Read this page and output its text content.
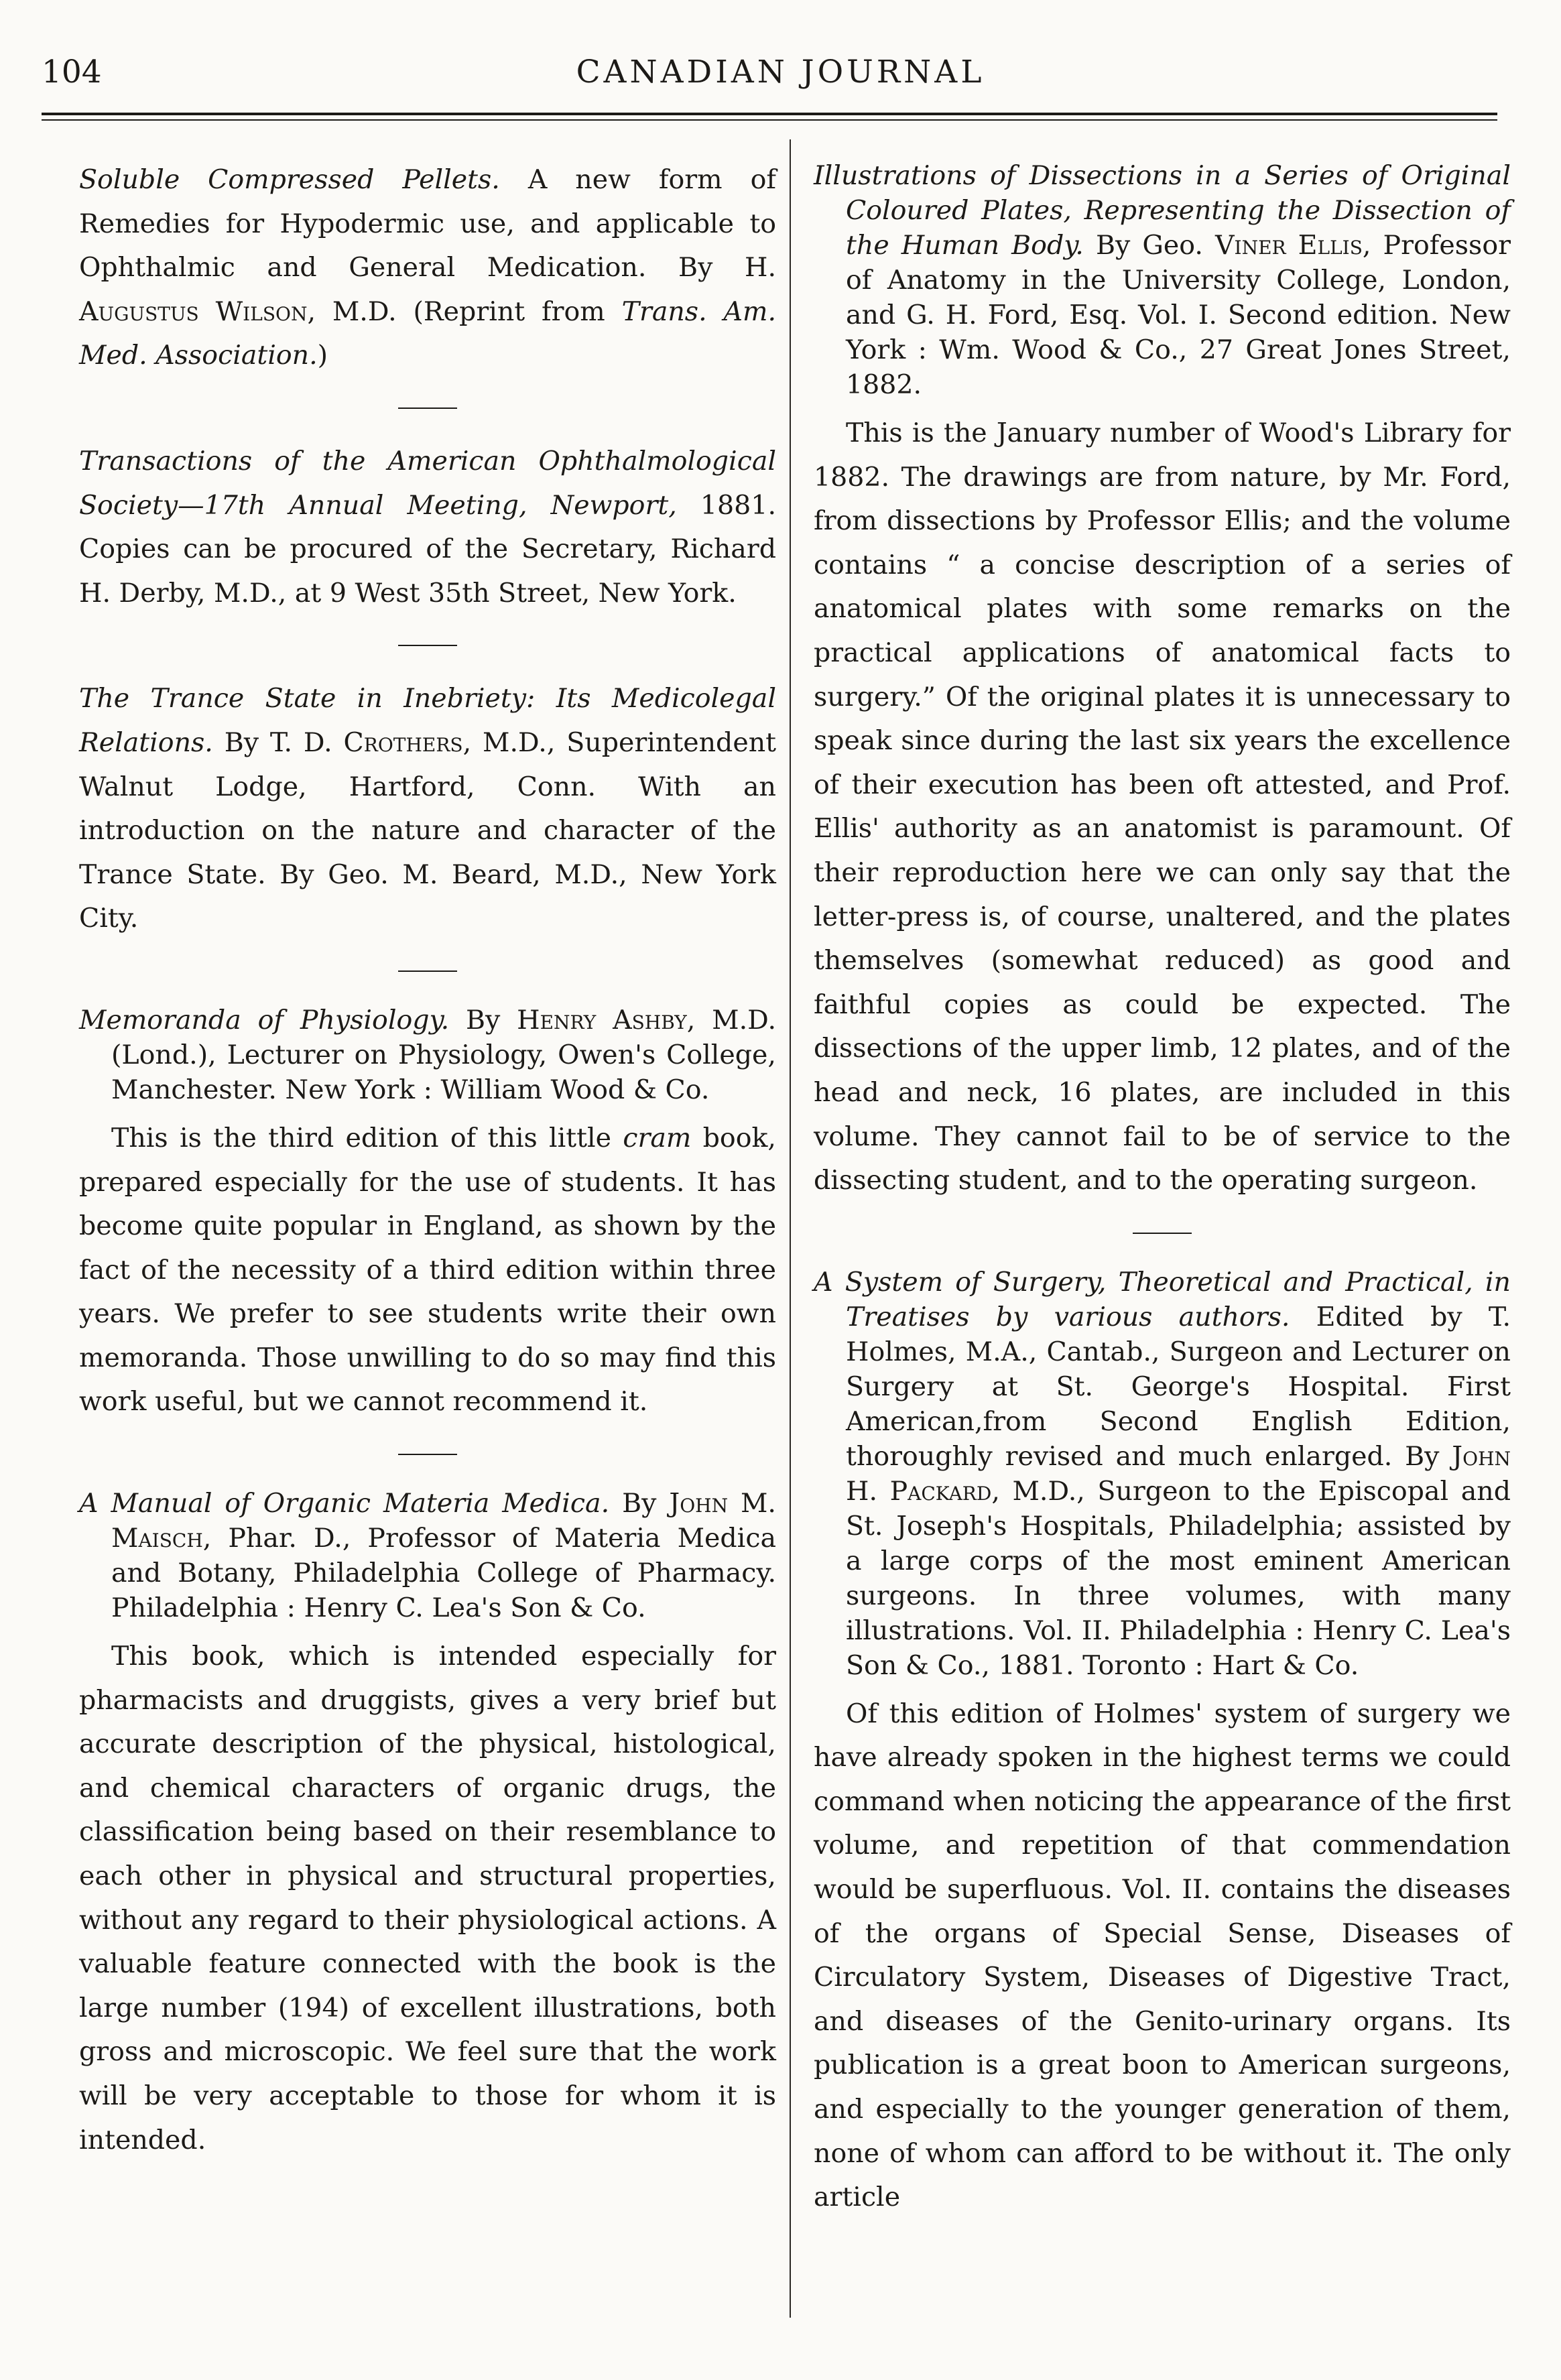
104	CANADIAN JOURNAL

Soluble Compressed Pellets. A new form of Remedies for Hypodermic use, and applicable to Ophthalmic and General Medication. By H. Augustus Wilson, M.D. (Reprint from Trans. Am. Med. Association.)

Transactions of the American Ophthalmological Society—17th Annual Meeting, Newport, 1881. Copies can be procured of the Secretary, Richard H. Derby, M.D., at 9 West 35th Street, New York.

The Trance State in Inebriety: Its Medicolegal Relations. By T. D. Crothers, M.D., Superintendent Walnut Lodge, Hartford, Conn. With an introduction on the nature and character of the Trance State. By Geo. M. Beard, M.D., New York City.

Memoranda of Physiology. By Henry Ashby, M.D. (Lond.), Lecturer on Physiology, Owen's College, Manchester. New York : William Wood & Co.

This is the third edition of this little cram book, prepared especially for the use of students. It has become quite popular in England, as shown by the fact of the necessity of a third edition within three years. We prefer to see students write their own memoranda. Those unwilling to do so may find this work useful, but we cannot recommend it.

A Manual of Organic Materia Medica. By John M. Maisch, Phar. D., Professor of Materia Medica and Botany, Philadelphia College of Pharmacy. Philadelphia : Henry C. Lea's Son & Co.

This book, which is intended especially for pharmacists and druggists, gives a very brief but accurate description of the physical, histological, and chemical characters of organic drugs, the classification being based on their resemblance to each other in physical and structural properties, without any regard to their physiological actions. A valuable feature connected with the book is the large number (194) of excellent illustrations, both gross and microscopic. We feel sure that the work will be very acceptable to those for whom it is intended.

Illustrations of Dissections in a Series of Original Coloured Plates, Representing the Dissection of the Human Body. By Geo. Viner Ellis, Professor of Anatomy in the University College, London, and G. H. Ford, Esq. Vol. I. Second edition. New York : Wm. Wood & Co., 27 Great Jones Street, 1882.

This is the January number of Wood's Library for 1882. The drawings are from nature, by Mr. Ford, from dissections by Professor Ellis; and the volume contains “ a concise description of a series of anatomical plates with some remarks on the practical applications of anatomical facts to surgery.” Of the original plates it is unnecessary to speak since during the last six years the excellence of their execution has been oft attested, and Prof. Ellis' authority as an anatomist is paramount. Of their reproduction here we can only say that the letter-press is, of course, unaltered, and the plates themselves (somewhat reduced) as good and faithful copies as could be expected. The dissections of the upper limb, 12 plates, and of the head and neck, 16 plates, are included in this volume. They cannot fail to be of service to the dissecting student, and to the operating surgeon.

A System of Surgery, Theoretical and Practical, in Treatises by various authors. Edited by T. Holmes, M.A., Cantab., Surgeon and Lecturer on Surgery at St. George's Hospital. First American,from Second English Edition, thoroughly revised and much enlarged. By John H. Packard, M.D., Surgeon to the Episcopal and St. Joseph's Hospitals, Philadelphia; assisted by a large corps of the most eminent American surgeons. In three volumes, with many illustrations. Vol. II. Philadelphia : Henry C. Lea's Son & Co., 1881. Toronto : Hart & Co.

Of this edition of Holmes' system of surgery we have already spoken in the highest terms we could command when noticing the appearance of the first volume, and repetition of that commendation would be superfluous. Vol. II. contains the diseases of the organs of Special Sense, Diseases of Circulatory System, Diseases of Digestive Tract, and diseases of the Genito-urinary organs. Its publication is a great boon to American surgeons, and especially to the younger generation of them, none of whom can afford to be without it. The only article
